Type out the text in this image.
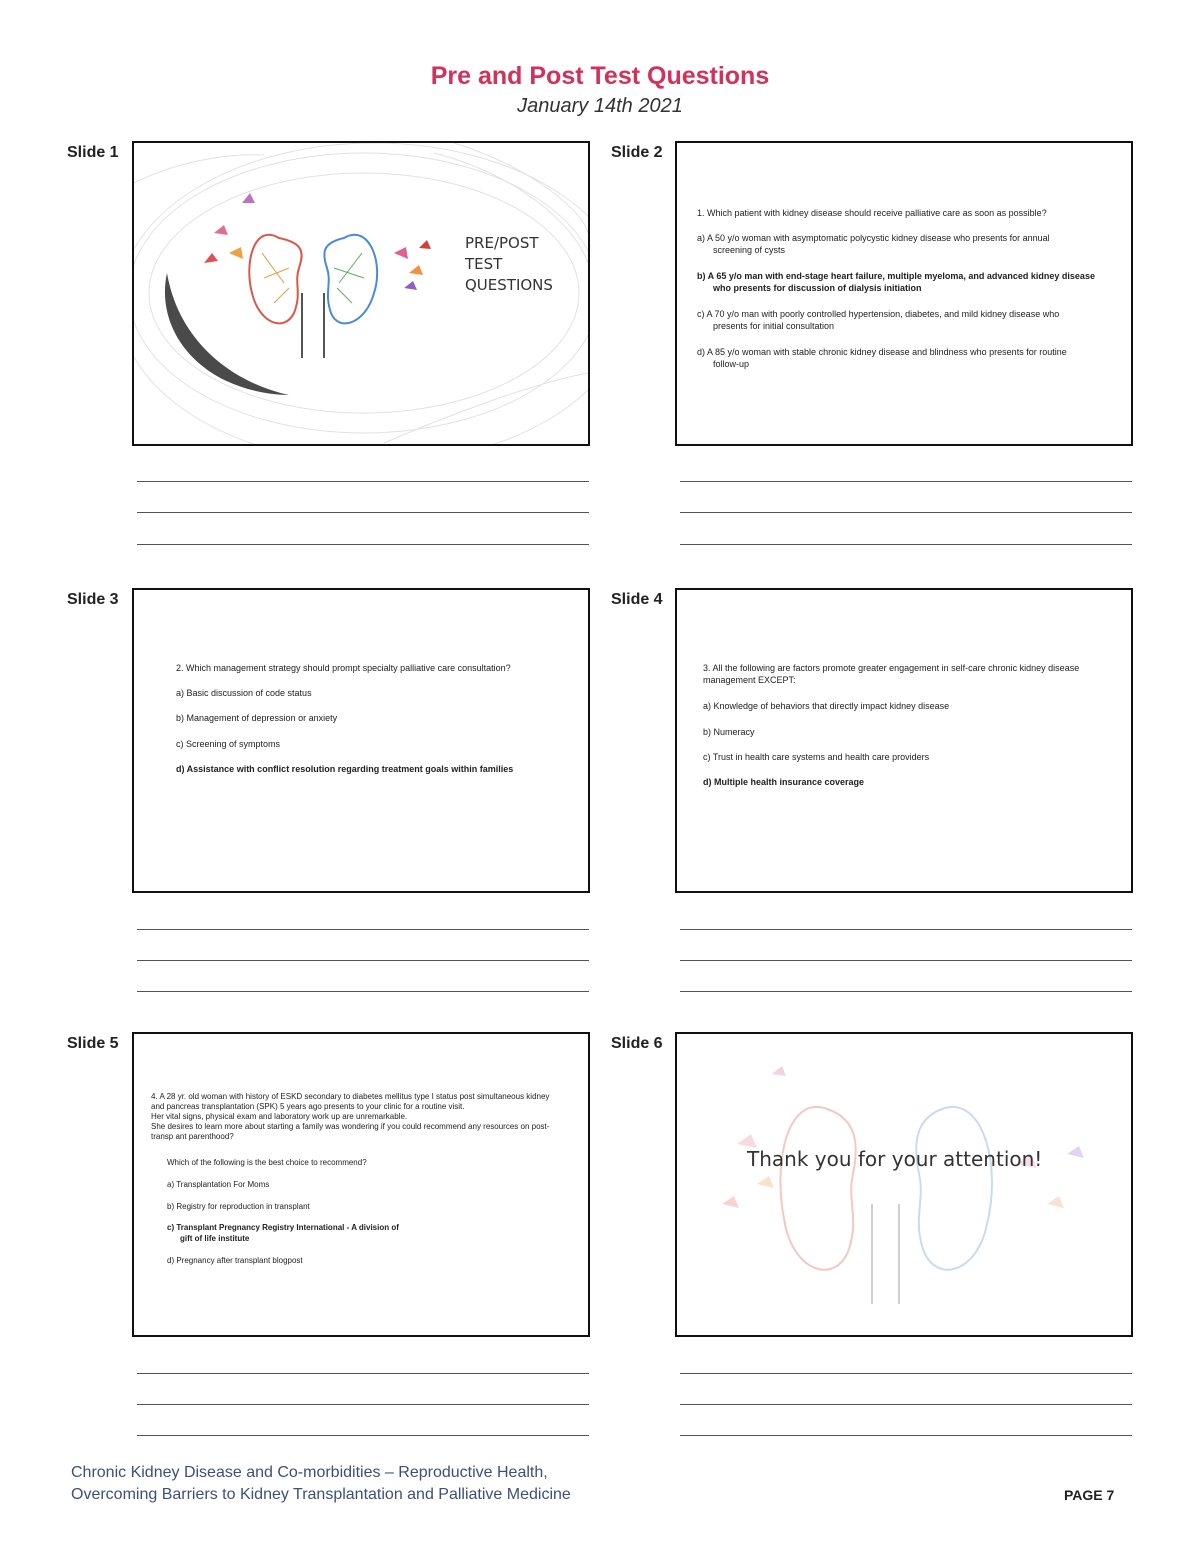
Pre and Post Test Questions
January 14th 2021
Slide 1
PRE/POST
TEST
QUESTIONS
Slide 2
1. Which patient with kidney disease should receive palliative care as soon as possible?
a) A 50 y/o woman with asymptomatic polycystic kidney disease who presents for annual
screening of cysts
b) A 65 y/o man with end-stage heart failure, multiple myeloma, and advanced kidney disease
who presents for discussion of dialysis initiation
c) A 70 y/o man with poorly controlled hypertension, diabetes, and mild kidney disease who
presents for initial consultation
d) A 85 y/o woman with stable chronic kidney disease and blindness who presents for routine
follow-up
Slide 3
2. Which management strategy should prompt specialty palliative care consultation?
a) Basic discussion of code status
b) Management of depression or anxiety
c) Screening of symptoms
d) Assistance with conflict resolution regarding treatment goals within families
Slide 4
3. All the following are factors promote greater engagement in self-care chronic kidney disease
management EXCEPT:
a) Knowledge of behaviors that directly impact kidney disease
b) Numeracy
c) Trust in health care systems and health care providers
d) Multiple health insurance coverage
Slide 5
4. A 28 yr. old woman with history of ESKD secondary to diabetes mellitus type I status post simultaneous kidney
and pancreas transplantation (SPK) 5 years ago presents to your clinic for a routine visit.
Her vital signs, physical exam and laboratory work up are unremarkable.
She desires to learn more about starting a family was wondering if you could recommend any resources on post-
transp ant parenthood?
Which of the following is the best choice to recommend?
a) Transplantation For Moms
b) Registry for reproduction in transplant
c) Transplant Pregnancy Registry International - A division of
gift of life institute
d) Pregnancy after transplant blogpost
Slide 6
Thank you for your attention!
Chronic Kidney Disease and Co-morbidities – Reproductive Health,
Overcoming Barriers to Kidney Transplantation and Palliative Medicine	PAGE 7
